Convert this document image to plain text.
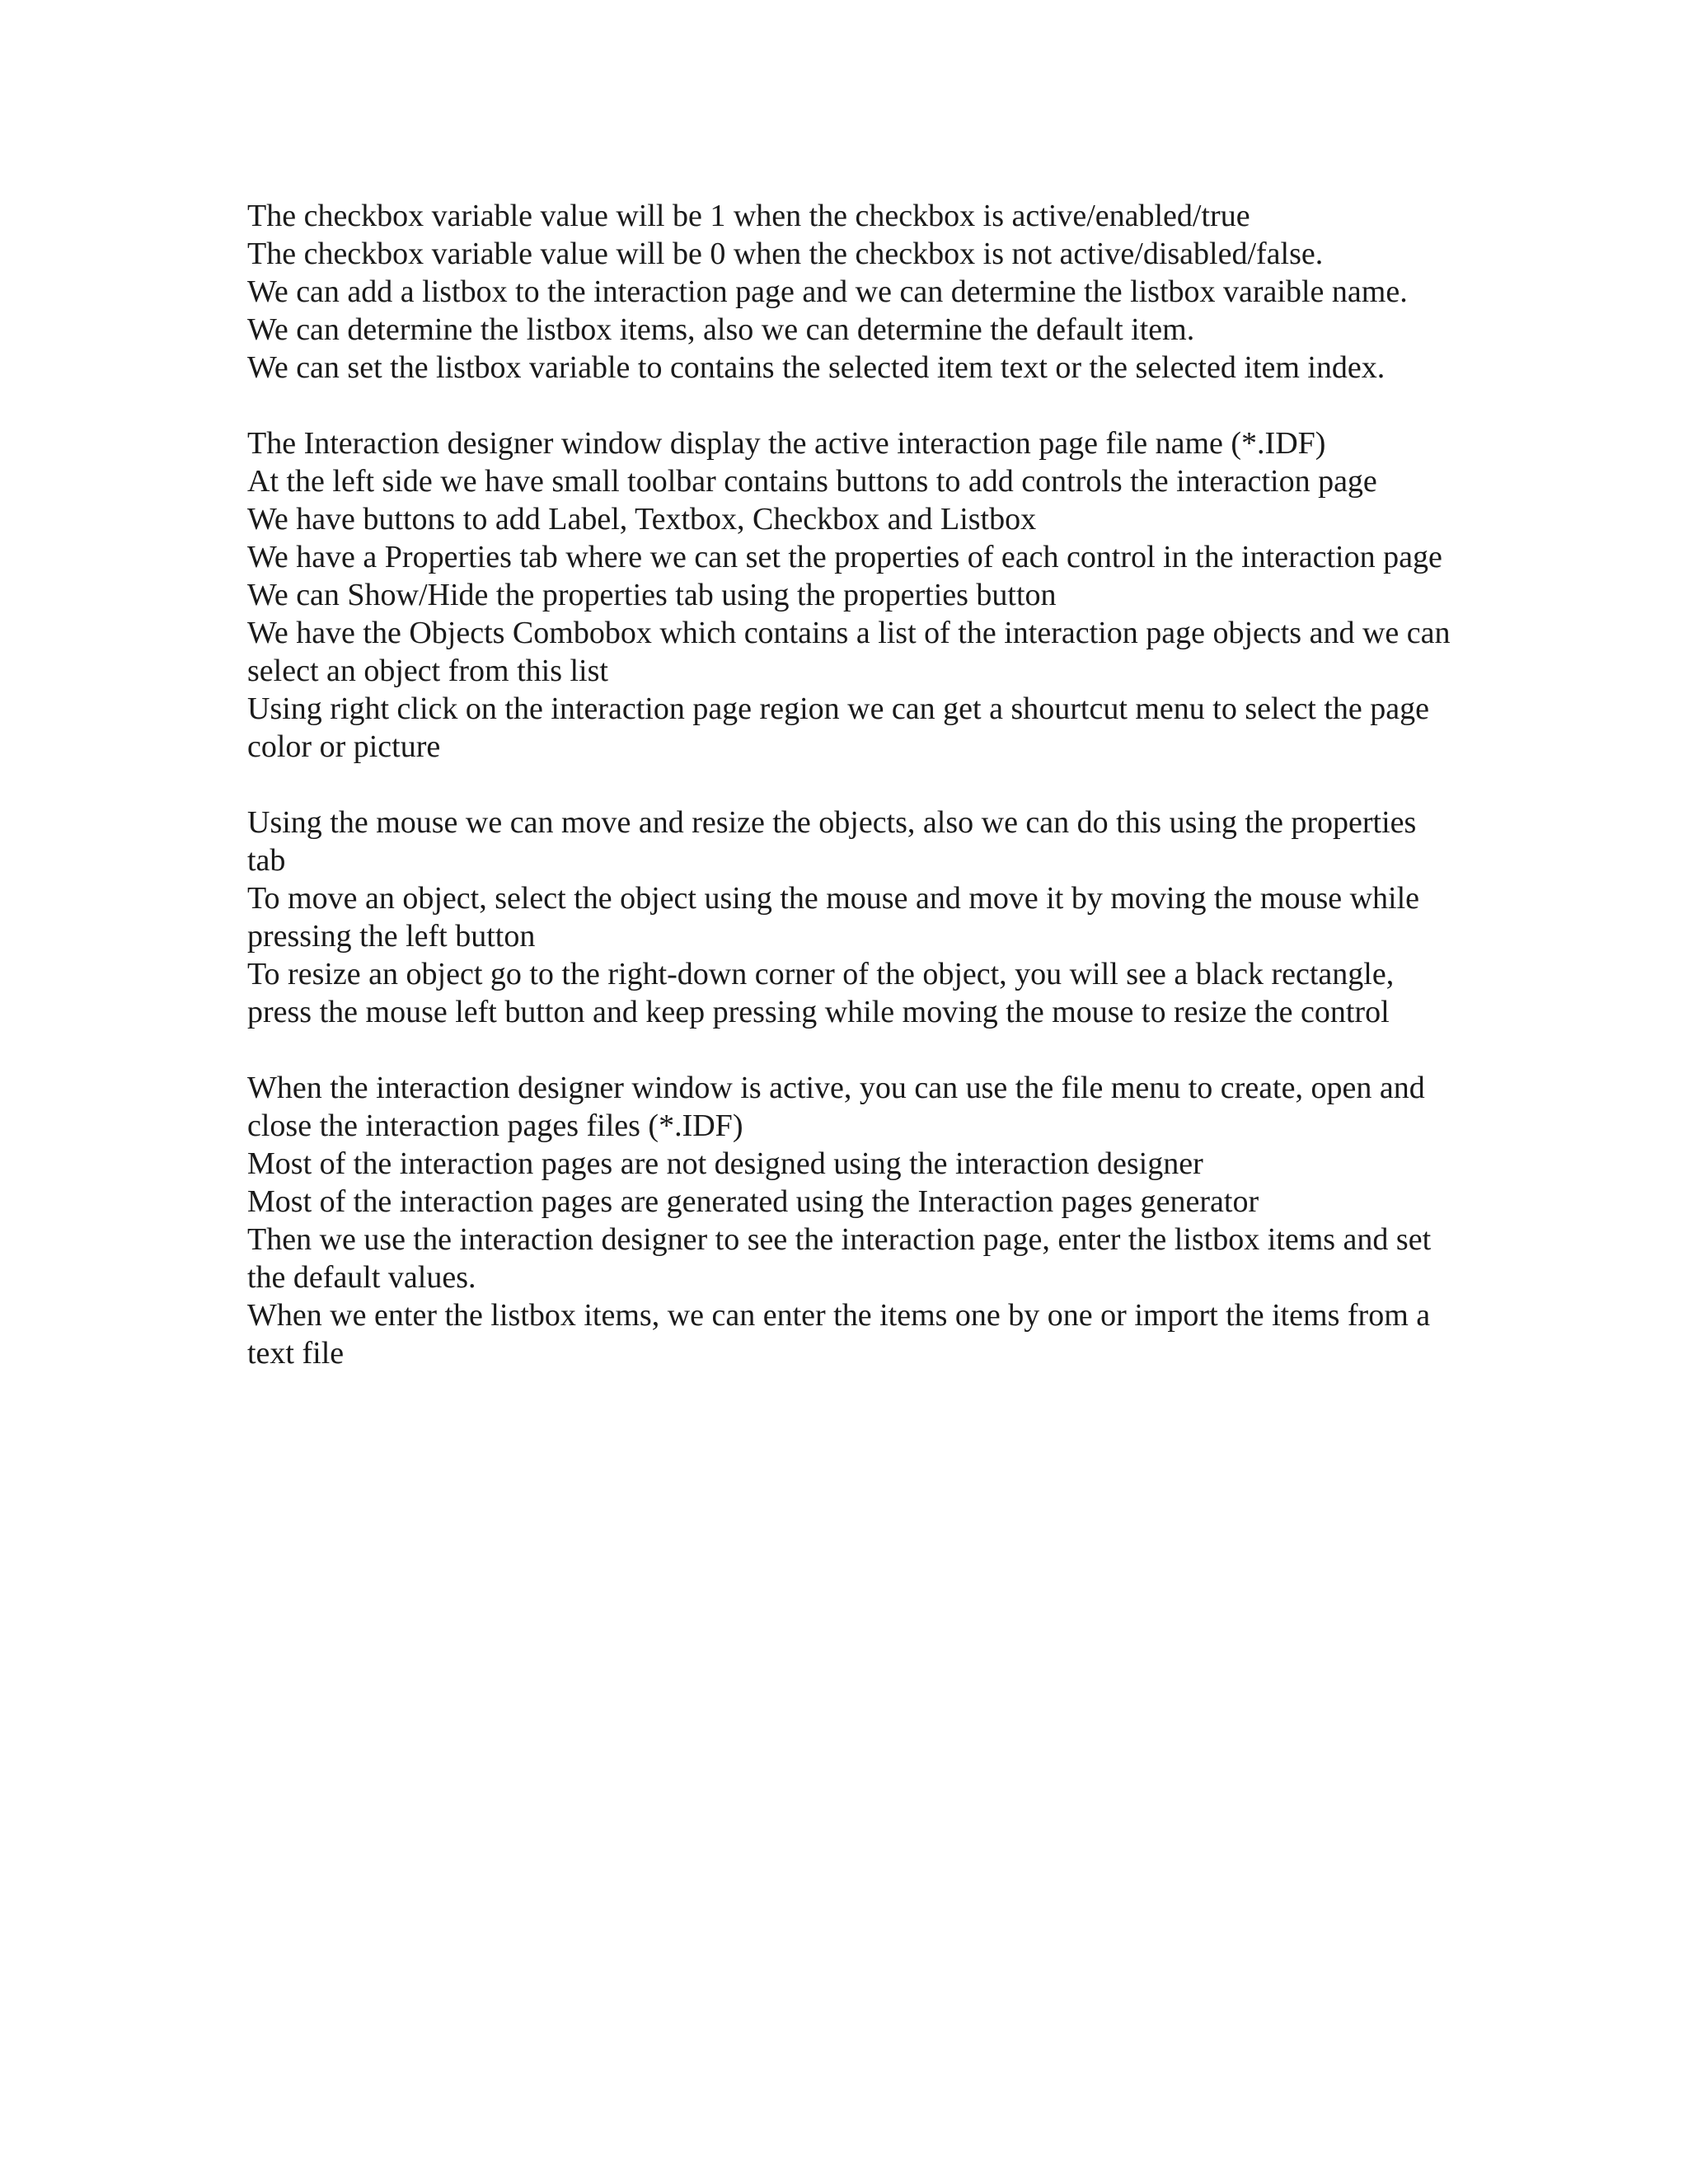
The checkbox variable value will be 1 when the checkbox is active/enabled/true
The checkbox variable value will be 0 when the checkbox is not active/disabled/false.
We can add a listbox to the interaction page and we can determine the listbox varaible name.
We can determine the listbox items, also we can determine the default item.
We can set the listbox variable to contains the selected item text or the selected item index.
The Interaction designer window display the active interaction page file name (*.IDF)
At the left side we have small toolbar contains buttons to add controls the interaction page
We have buttons to add Label, Textbox, Checkbox and Listbox
We have a Properties tab where we can set the properties of each control in the interaction page
We can Show/Hide the properties tab using the properties button
We have the Objects Combobox which contains a list of the interaction page objects and we can select an object from this list
Using right click on the interaction page region we can get a shourtcut menu to select the page color or picture
Using the mouse we can move and resize the objects, also we can do this using the properties tab
To move an object, select the object using the mouse and move it by moving the mouse while pressing the left button
To resize an object go to the right-down corner of the object, you will see a black rectangle, press the mouse left button and keep pressing while moving the mouse to resize the control
When the interaction designer window is active, you can use the file menu to create, open and close the interaction pages files (*.IDF)
Most of the interaction pages are not designed using the interaction designer
Most of the interaction pages are generated using the Interaction pages generator
Then we use the interaction designer to see the interaction page, enter the listbox items and set the default values.
When we enter the listbox items, we can enter the items one by one or import the items from a text file
